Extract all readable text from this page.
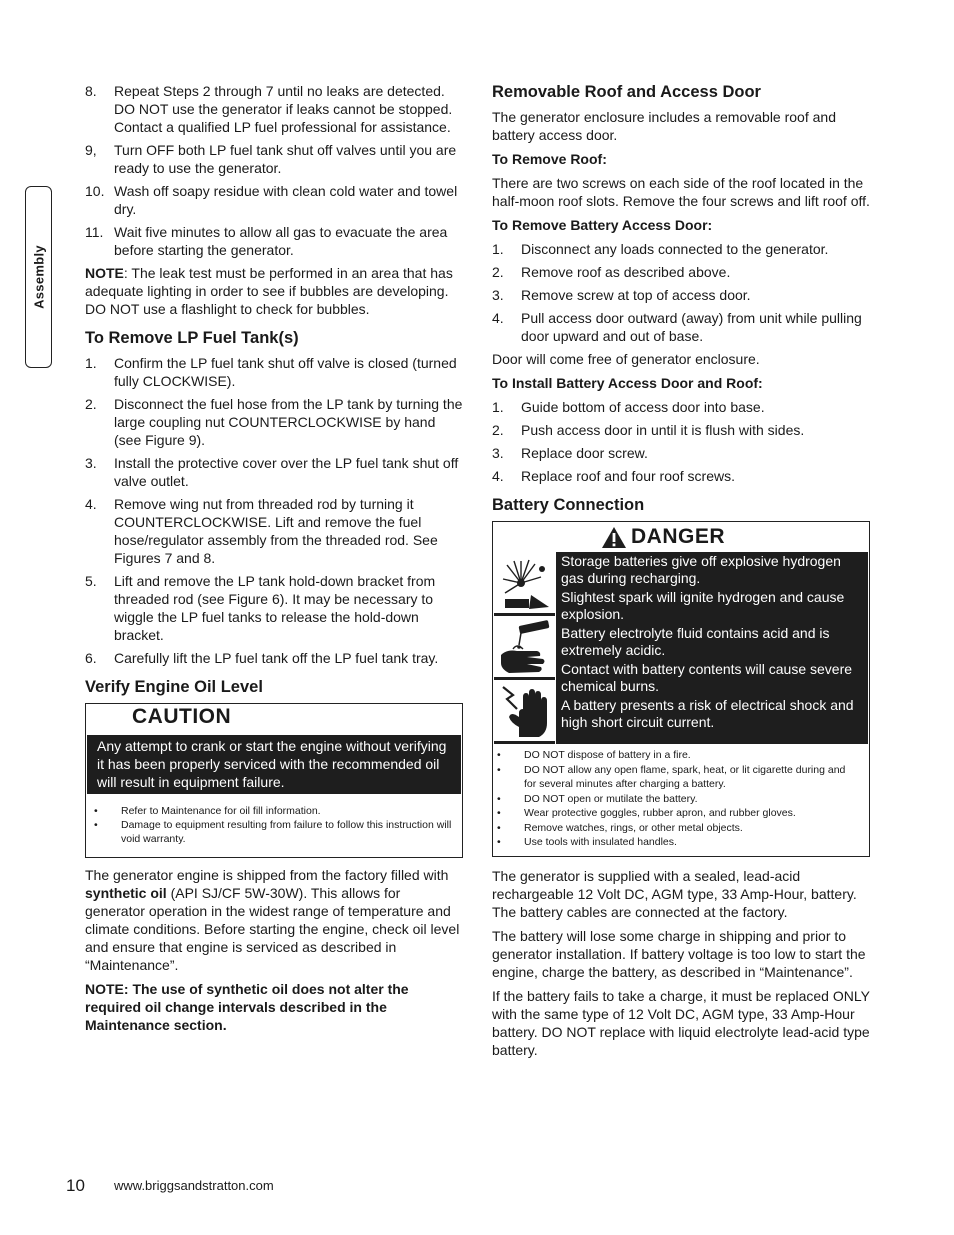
Assembly
8. Repeat Steps 2 through 7 until no leaks are detected. DO NOT use the generator if leaks cannot be stopped. Contact a qualified LP fuel professional for assistance.
9, Turn OFF both LP fuel tank shut off valves until you are ready to use the generator.
10. Wash off soapy residue with clean cold water and towel dry.
11. Wait five minutes to allow all gas to evacuate the area before starting the generator.

NOTE: The leak test must be performed in an area that has adequate lighting in order to see if bubbles are developing. DO NOT use a flashlight to check for bubbles.

To Remove LP Fuel Tank(s)
1. Confirm the LP fuel tank shut off valve is closed (turned fully CLOCKWISE).
2. Disconnect the fuel hose from the LP tank by turning the large coupling nut COUNTERCLOCKWISE by hand (see Figure 9).
3. Install the protective cover over the LP fuel tank shut off valve outlet.
4. Remove wing nut from threaded rod by turning it COUNTERCLOCKWISE. Lift and remove the fuel hose/regulator assembly from the threaded rod. See Figures 7 and 8.
5. Lift and remove the LP tank hold-down bracket from threaded rod (see Figure 6). It may be necessary to wiggle the LP fuel tanks to release the hold-down bracket.
6. Carefully lift the LP fuel tank off the LP fuel tank tray.
Verify Engine Oil Level
CAUTION
Any attempt to crank or start the engine without verifying it has been properly serviced with the recommended oil will result in equipment failure.
• Refer to Maintenance for oil fill information.
• Damage to equipment resulting from failure to follow this instruction will void warranty.

The generator engine is shipped from the factory filled with synthetic oil (API SJ/CF 5W-30W). This allows for generator operation in the widest range of temperature and climate conditions. Before starting the engine, check oil level and ensure that engine is serviced as described in “Maintenance”.

NOTE: The use of synthetic oil does not alter the required oil change intervals described in the Maintenance section.

Removable Roof and Access Door

The generator enclosure includes a removable roof and battery access door.

To Remove Roof:

There are two screws on each side of the roof located in the half-moon roof slots. Remove the four screws and lift roof off.

To Remove Battery Access Door:
1. Disconnect any loads connected to the generator.
2. Remove roof as described above.
3. Remove screw at top of access door.
4. Pull access door outward (away) from unit while pulling door upward and out of base.

Door will come free of generator enclosure.

To Install Battery Access Door and Roof:
1. Guide bottom of access door into base.
2. Push access door in until it is flush with sides.
3. Replace door screw.
4. Replace roof and four roof screws.
Battery Connection
DANGER
Storage batteries give off explosive hydrogen gas during recharging.
Slightest spark will ignite hydrogen and cause explosion.
Battery electrolyte fluid contains acid and is extremely acidic.
Contact with battery contents will cause severe chemical burns.
A battery presents a risk of electrical shock and high short circuit current.
• DO NOT dispose of battery in a fire.
• DO NOT allow any open flame, spark, heat, or lit cigarette during and for several minutes after charging a battery.
• DO NOT open or mutilate the battery.
• Wear protective goggles, rubber apron, and rubber gloves.
• Remove watches, rings, or other metal objects.
• Use tools with insulated handles.

The generator is supplied with a sealed, lead-acid rechargeable 12 Volt DC, AGM type, 33 Amp-Hour, battery. The battery cables are connected at the factory.

The battery will lose some charge in shipping and prior to generator installation. If battery voltage is too low to start the engine, charge the battery, as described in “Maintenance”.

If the battery fails to take a charge, it must be replaced ONLY with the same type of 12 Volt DC, AGM type, 33 Amp-Hour battery. DO NOT replace with liquid electrolyte lead-acid type battery.

10 www.briggsandstratton.com
